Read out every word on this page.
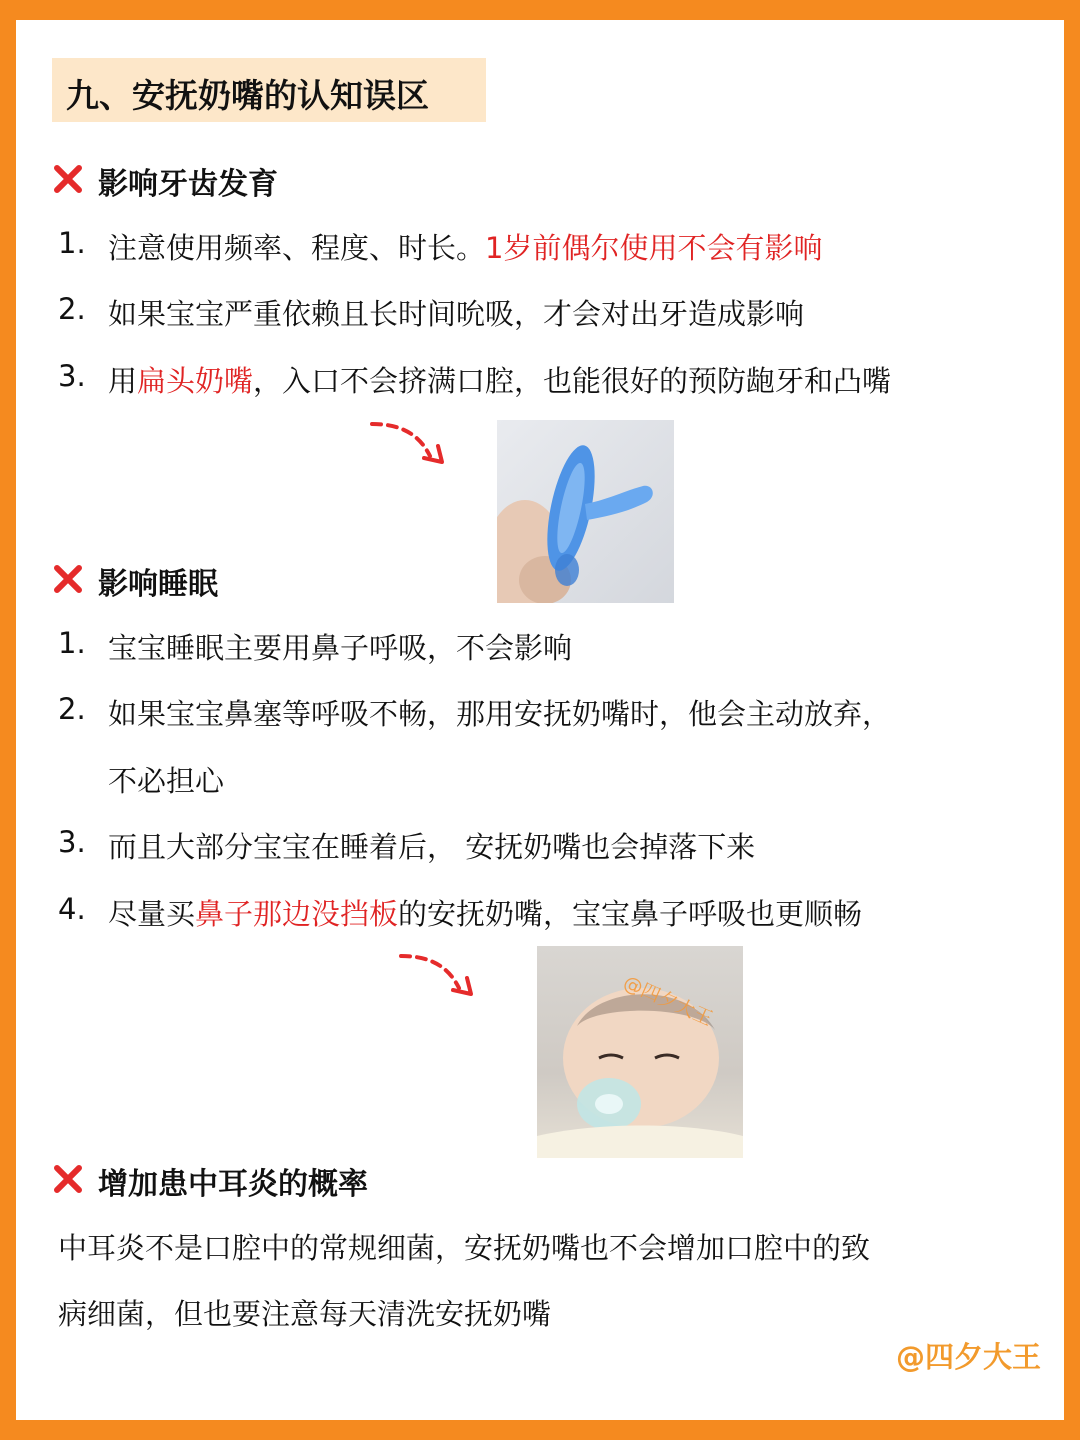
九、安抚奶嘴的认知误区
影响牙齿发育
1. 注意使用频率、程度、时长。1岁前偶尔使用不会有影响
2. 如果宝宝严重依赖且长时间吮吸，才会对出牙造成影响
3. 用扁头奶嘴，入口不会挤满口腔，也能很好的预防龅牙和凸嘴
影响睡眠
1. 宝宝睡眠主要用鼻子呼吸，不会影响
2. 如果宝宝鼻塞等呼吸不畅，那用安抚奶嘴时，他会主动放弃，
不必担心
3. 而且大部分宝宝在睡着后， 安抚奶嘴也会掉落下来
4. 尽量买鼻子那边没挡板的安抚奶嘴，宝宝鼻子呼吸也更顺畅
@四夕大王
增加患中耳炎的概率
中耳炎不是口腔中的常规细菌，安抚奶嘴也不会增加口腔中的致
病细菌，但也要注意每天清洗安抚奶嘴
@四夕大王
